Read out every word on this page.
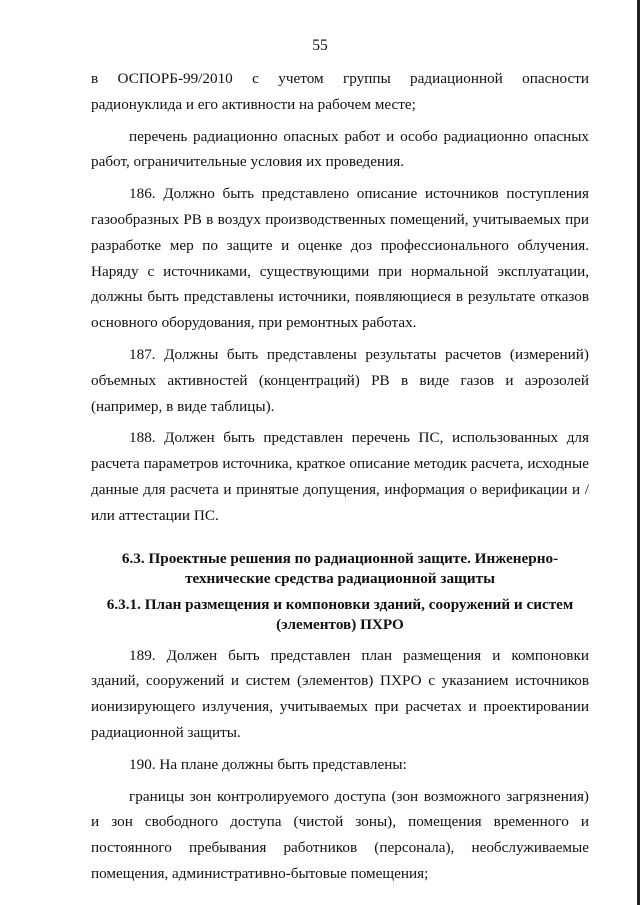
55

в ОСПОРБ-99/2010 с учетом группы радиационной опасности радионуклида и его активности на рабочем месте;

перечень радиационно опасных работ и особо радиационно опасных работ, ограничительные условия их проведения.

186. Должно быть представлено описание источников поступления газообразных РВ в воздух производственных помещений, учитываемых при разработке мер по защите и оценке доз профессионального облучения. Наряду с источниками, существующими при нормальной эксплуатации, должны быть представлены источники, появляющиеся в результате отказов основного оборудования, при ремонтных работах.

187. Должны быть представлены результаты расчетов (измерений) объемных активностей (концентраций) РВ в виде газов и аэрозолей (например, в виде таблицы).

188. Должен быть представлен перечень ПС, использованных для расчета параметров источника, краткое описание методик расчета, исходные данные для расчета и принятые допущения, информация о верификации и / или аттестации ПС.

6.3. Проектные решения по радиационной защите. Инженерно-технические средства радиационной защиты

6.3.1. План размещения и компоновки зданий, сооружений и систем (элементов) ПХРО

189. Должен быть представлен план размещения и компоновки зданий, сооружений и систем (элементов) ПХРО с указанием источников ионизирующего излучения, учитываемых при расчетах и проектировании радиационной защиты.

190. На плане должны быть представлены:

границы зон контролируемого доступа (зон возможного загрязнения) и зон свободного доступа (чистой зоны), помещения временного и постоянного пребывания работников (персонала), необслуживаемые помещения, административно-бытовые помещения;
